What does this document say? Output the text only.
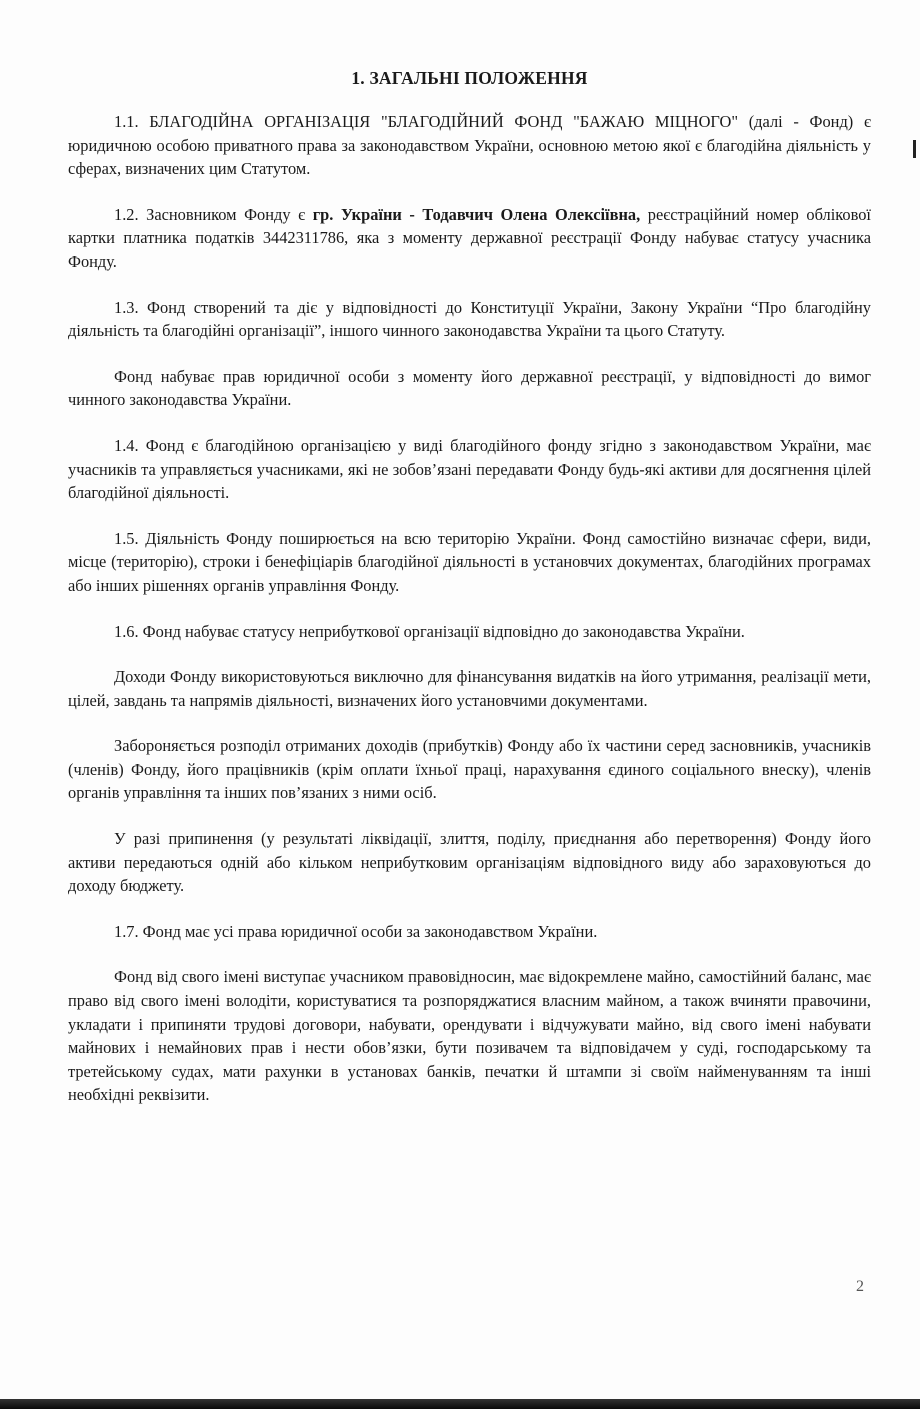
1. ЗАГАЛЬНІ ПОЛОЖЕННЯ

1.1. БЛАГОДІЙНА ОРГАНІЗАЦІЯ "БЛАГОДІЙНИЙ ФОНД "БАЖАЮ МІЦНОГО" (далі - Фонд) є юридичною особою приватного права за законодавством України, основною метою якої є благодійна діяльність у сферах, визначених цим Статутом.

1.2. Засновником Фонду є гр. України - Тодавчич Олена Олексіївна, реєстраційний номер облікової картки платника податків 3442311786, яка з моменту державної реєстрації Фонду набуває статусу учасника Фонду.

1.3. Фонд створений та діє у відповідності до Конституції України, Закону України “Про благодійну діяльність та благодійні організації”, іншого чинного законодавства України та цього Статуту.

Фонд набуває прав юридичної особи з моменту його державної реєстрації, у відповідності до вимог чинного законодавства України.

1.4. Фонд є благодійною організацією у виді благодійного фонду згідно з законодавством України, має учасників та управляється учасниками, які не зобов’язані передавати Фонду будь-які активи для досягнення цілей благодійної діяльності.

1.5. Діяльність Фонду поширюється на всю територію України. Фонд самостійно визначає сфери, види, місце (територію), строки і бенефіціарів благодійної діяльності в установчих документах, благодійних програмах або інших рішеннях органів управління Фонду.

1.6. Фонд набуває статусу неприбуткової організації відповідно до законодавства України.

Доходи Фонду використовуються виключно для фінансування видатків на його утримання, реалізації мети, цілей, завдань та напрямів діяльності, визначених його установчими документами.

Забороняється розподіл отриманих доходів (прибутків) Фонду або їх частини серед засновників, учасників (членів) Фонду, його працівників (крім оплати їхньої праці, нарахування єдиного соціального внеску), членів органів управління та інших пов’язаних з ними осіб.

У разі припинення (у результаті ліквідації, злиття, поділу, приєднання або перетворення) Фонду його активи передаються одній або кільком неприбутковим організаціям відповідного виду або зараховуються до доходу бюджету.

1.7. Фонд має усі права юридичної особи за законодавством України.

Фонд від свого імені виступає учасником правовідносин, має відокремлене майно, самостійний баланс, має право від свого імені володіти, користуватися та розпоряджатися власним майном, а також вчиняти правочини, укладати і припиняти трудові договори, набувати, орендувати і відчужувати майно, від свого імені набувати майнових і немайнових прав і нести обов’язки, бути позивачем та відповідачем у суді, господарському та третейському судах, мати рахунки в установах банків, печатки й штампи зі своїм найменуванням та інші необхідні реквізити.

2
